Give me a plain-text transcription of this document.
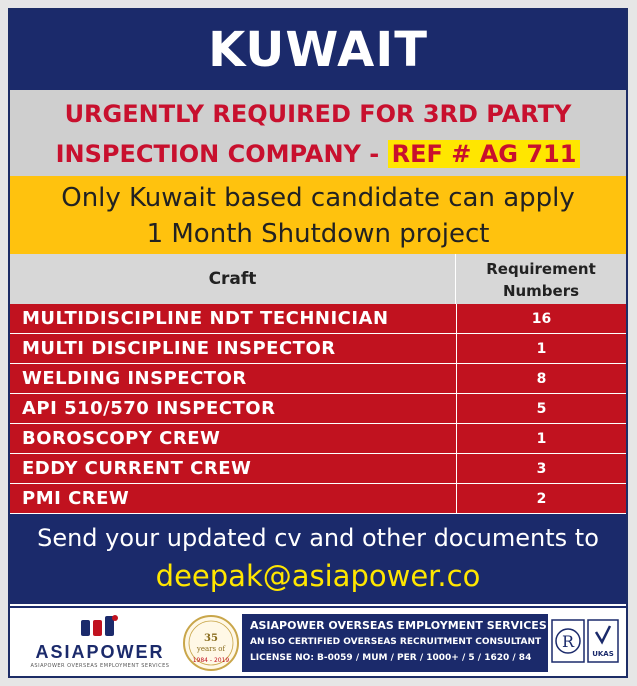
KUWAIT
URGENTLY REQUIRED FOR 3RD PARTY
INSPECTION COMPANY - REF # AG 711
Only Kuwait based candidate can apply
1 Month Shutdown project
Craft	Requirement
Numbers
MULTIDISCIPLINE NDT TECHNICIAN	16
MULTI DISCIPLINE INSPECTOR	1
WELDING INSPECTOR	8
API 510/570 INSPECTOR	5
BOROSCOPY CREW	1
EDDY CURRENT CREW	3
PMI CREW	2
Send your updated cv and other documents to
deepak@asiapower.co
ASIAPOWER
ASIAPOWER OVERSEAS EMPLOYMENT SERVICES
35
years of
1984 - 2019
ASIAPOWER OVERSEAS EMPLOYMENT SERVICES
AN ISO CERTIFIED OVERSEAS RECRUITMENT CONSULTANT
LICENSE NO: B-0059 / MUM / PER / 1000+ / 5 / 1620 / 84
R
UKAS
